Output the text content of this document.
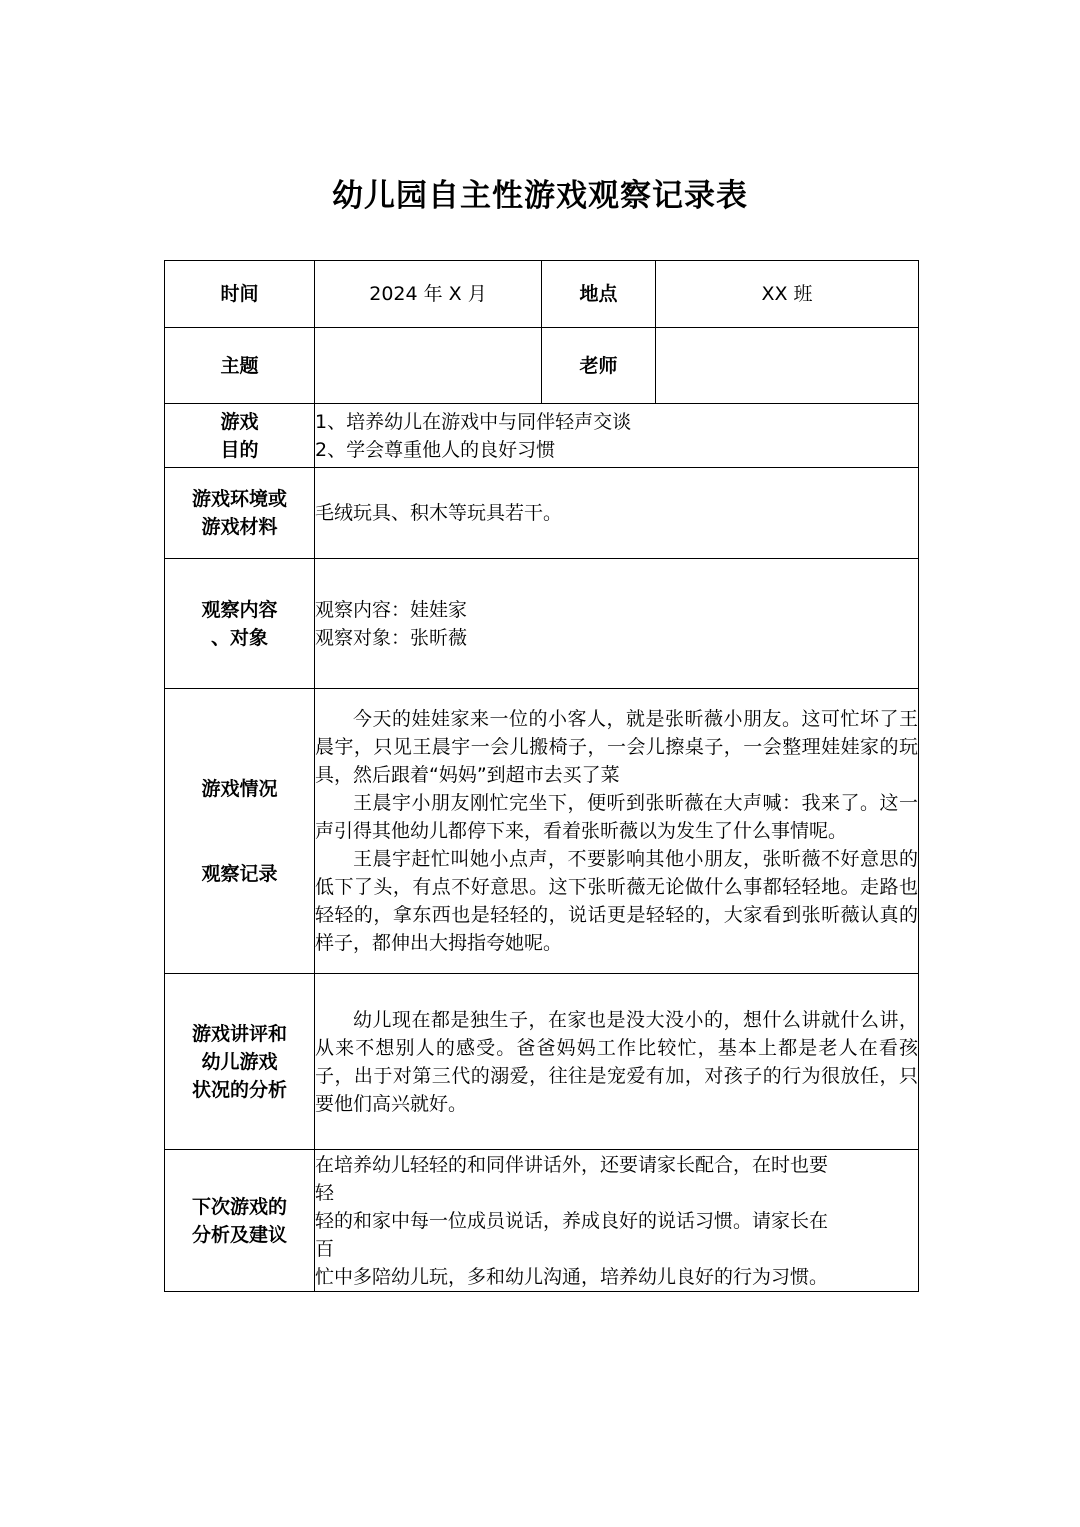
幼儿园自主性游戏观察记录表
时间	2024 年 X 月	地点	XX 班
主题		老师	

游戏
目的	1、培养幼儿在游戏中与同伴轻声交谈
2、学会尊重他人的良好习惯		

游戏环境或
游戏材料	毛绒玩具、积木等玩具若干。		

观察内容
、对象	观察内容：娃娃家
观察对象：张昕薇		

游戏情况
观察记录	今天的娃娃家来一位的小客人，就是张昕薇小朋友。这可忙坏了王晨宇，只见王晨宇一会儿搬椅子，一会儿擦桌子，一会整理娃娃家的玩具，然后跟着“妈妈”到超市去买了菜
王晨宇小朋友刚忙完坐下，便听到张昕薇在大声喊：我来了。这一声引得其他幼儿都停下来，看着张昕薇以为发生了什么事情呢。
王晨宇赶忙叫她小点声，不要影响其他小朋友，张昕薇不好意思的低下了头，有点不好意思。这下张昕薇无论做什么事都轻轻地。走路也轻轻的，拿东西也是轻轻的，说话更是轻轻的，大家看到张昕薇认真的样子，都伸出大拇指夸她呢。		

游戏讲评和
幼儿游戏
状况的分析	幼儿现在都是独生子，在家也是没大没小的，想什么讲就什么讲，从来不想别人的感受。爸爸妈妈工作比较忙，基本上都是老人在看孩子，出于对第三代的溺爱，往往是宠爱有加，对孩子的行为很放任，只要他们高兴就好。		

下次游戏的
分析及建议	在培养幼儿轻轻的和同伴讲话外，还要请家长配合，在时也要
轻
轻的和家中每一位成员说话，养成良好的说话习惯。请家长在
百
忙中多陪幼儿玩，多和幼儿沟通，培养幼儿良好的行为习惯。		
